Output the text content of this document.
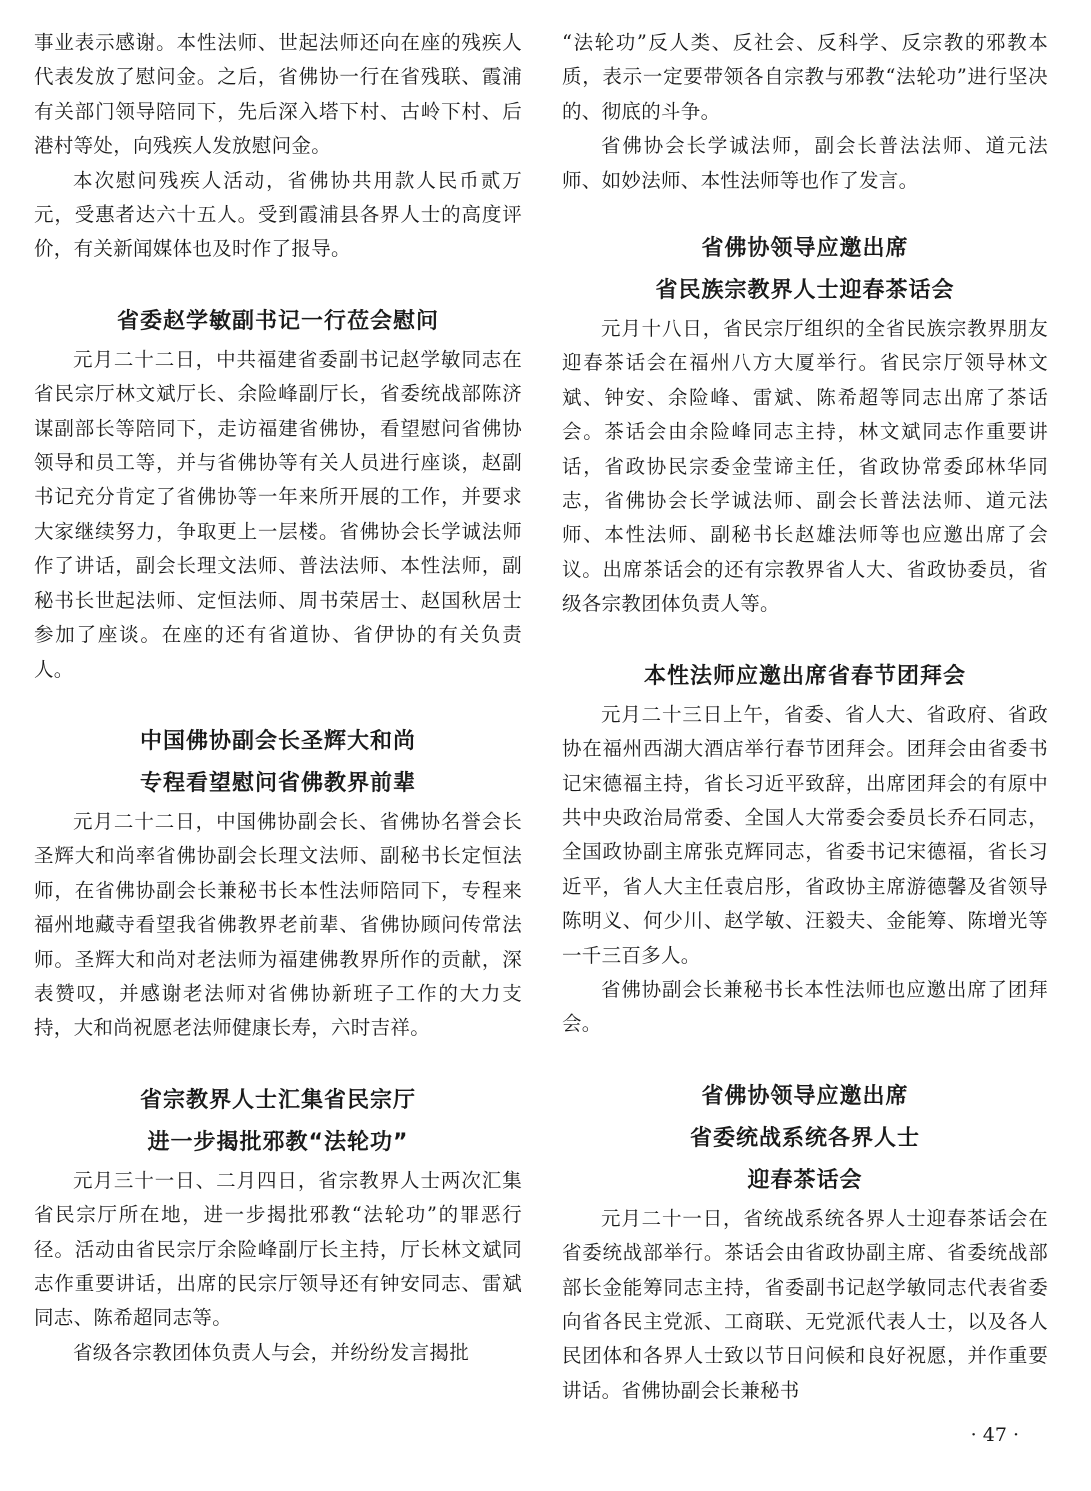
事业表示感谢。本性法师、世起法师还向在座的残疾人代表发放了慰问金。之后，省佛协一行在省残联、霞浦有关部门领导陪同下，先后深入塔下村、古岭下村、后港村等处，向残疾人发放慰问金。

本次慰问残疾人活动，省佛协共用款人民币贰万元，受惠者达六十五人。受到霞浦县各界人士的高度评价，有关新闻媒体也及时作了报导。

省委赵学敏副书记一行莅会慰问

元月二十二日，中共福建省委副书记赵学敏同志在省民宗厅林文斌厅长、余险峰副厅长，省委统战部陈济谋副部长等陪同下，走访福建省佛协，看望慰问省佛协领导和员工等，并与省佛协等有关人员进行座谈，赵副书记充分肯定了省佛协等一年来所开展的工作，并要求大家继续努力，争取更上一层楼。省佛协会长学诚法师作了讲话，副会长理文法师、普法法师、本性法师，副秘书长世起法师、定恒法师、周书荣居士、赵国秋居士参加了座谈。在座的还有省道协、省伊协的有关负责人。

中国佛协副会长圣辉大和尚
专程看望慰问省佛教界前辈

元月二十二日，中国佛协副会长、省佛协名誉会长圣辉大和尚率省佛协副会长理文法师、副秘书长定恒法师，在省佛协副会长兼秘书长本性法师陪同下，专程来福州地藏寺看望我省佛教界老前辈、省佛协顾问传常法师。圣辉大和尚对老法师为福建佛教界所作的贡献，深表赞叹，并感谢老法师对省佛协新班子工作的大力支持，大和尚祝愿老法师健康长寿，六时吉祥。

省宗教界人士汇集省民宗厅
进一步揭批邪教“法轮功”

元月三十一日、二月四日，省宗教界人士两次汇集省民宗厅所在地，进一步揭批邪教“法轮功”的罪恶行径。活动由省民宗厅余险峰副厅长主持，厅长林文斌同志作重要讲话，出席的民宗厅领导还有钟安同志、雷斌同志、陈希超同志等。

省级各宗教团体负责人与会，并纷纷发言揭批

“法轮功”反人类、反社会、反科学、反宗教的邪教本质，表示一定要带领各自宗教与邪教“法轮功”进行坚决的、彻底的斗争。

省佛协会长学诚法师，副会长普法法师、道元法师、如妙法师、本性法师等也作了发言。

省佛协领导应邀出席
省民族宗教界人士迎春茶话会

元月十八日，省民宗厅组织的全省民族宗教界朋友迎春茶话会在福州八方大厦举行。省民宗厅领导林文斌、钟安、余险峰、雷斌、陈希超等同志出席了茶话会。茶话会由余险峰同志主持，林文斌同志作重要讲话，省政协民宗委金莹谛主任，省政协常委邱林华同志，省佛协会长学诚法师、副会长普法法师、道元法师、本性法师、副秘书长赵雄法师等也应邀出席了会议。出席茶话会的还有宗教界省人大、省政协委员，省级各宗教团体负责人等。

本性法师应邀出席省春节团拜会

元月二十三日上午，省委、省人大、省政府、省政协在福州西湖大酒店举行春节团拜会。团拜会由省委书记宋德福主持，省长习近平致辞，出席团拜会的有原中共中央政治局常委、全国人大常委会委员长乔石同志，全国政协副主席张克辉同志，省委书记宋德福，省长习近平，省人大主任袁启彤，省政协主席游德馨及省领导陈明义、何少川、赵学敏、汪毅夫、金能筹、陈增光等一千三百多人。

省佛协副会长兼秘书长本性法师也应邀出席了团拜会。

省佛协领导应邀出席
省委统战系统各界人士
迎春茶话会

元月二十一日，省统战系统各界人士迎春茶话会在省委统战部举行。茶话会由省政协副主席、省委统战部部长金能筹同志主持，省委副书记赵学敏同志代表省委向省各民主党派、工商联、无党派代表人士，以及各人民团体和各界人士致以节日问候和良好祝愿，并作重要讲话。省佛协副会长兼秘书

· 47 ·
